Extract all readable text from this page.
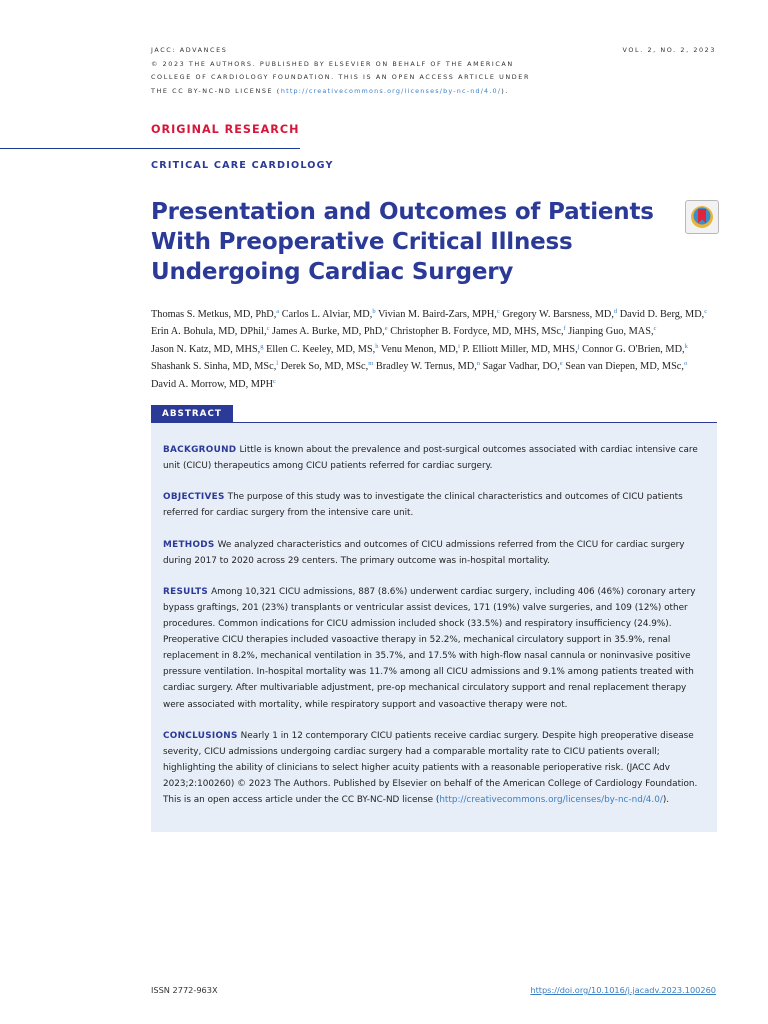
JACC: ADVANCES
© 2023 THE AUTHORS. PUBLISHED BY ELSEVIER ON BEHALF OF THE AMERICAN
COLLEGE OF CARDIOLOGY FOUNDATION. THIS IS AN OPEN ACCESS ARTICLE UNDER
THE CC BY-NC-ND LICENSE (http://creativecommons.org/licenses/by-nc-nd/4.0/).
VOL. 2, NO. 2, 2023
ORIGINAL RESEARCH
CRITICAL CARE CARDIOLOGY
Presentation and Outcomes of Patients With Preoperative Critical Illness Undergoing Cardiac Surgery
Thomas S. Metkus, MD, PhD,$^a$ Carlos L. Alviar, MD,$^b$ Vivian M. Baird-Zars, MPH,$^c$ Gregory W. Barsness, MD,$^d$ David D. Berg, MD,$^c$ Erin A. Bohula, MD, DPhil,$^c$ James A. Burke, MD, PhD,$^e$ Christopher B. Fordyce, MD, MHS, MSc,$^f$ Jianping Guo, MAS,$^c$ Jason N. Katz, MD, MHS,$^g$ Ellen C. Keeley, MD, MS,$^h$ Venu Menon, MD,$^i$ P. Elliott Miller, MD, MHS,$^j$ Connor G. O'Brien, MD,$^k$ Shashank S. Sinha, MD, MSc,$^l$ Derek So, MD, MSc,$^m$ Bradley W. Ternus, MD,$^n$ Sagar Vadhar, DO,$^e$ Sean van Diepen, MD, MSc,$^o$ David A. Morrow, MD, MPH$^c$
ABSTRACT

BACKGROUND Little is known about the prevalence and post-surgical outcomes associated with cardiac intensive care unit (CICU) therapeutics among CICU patients referred for cardiac surgery.

OBJECTIVES The purpose of this study was to investigate the clinical characteristics and outcomes of CICU patients referred for cardiac surgery from the intensive care unit.

METHODS We analyzed characteristics and outcomes of CICU admissions referred from the CICU for cardiac surgery during 2017 to 2020 across 29 centers. The primary outcome was in-hospital mortality.

RESULTS Among 10,321 CICU admissions, 887 (8.6%) underwent cardiac surgery, including 406 (46%) coronary artery bypass graftings, 201 (23%) transplants or ventricular assist devices, 171 (19%) valve surgeries, and 109 (12%) other procedures. Common indications for CICU admission included shock (33.5%) and respiratory insufficiency (24.9%). Preoperative CICU therapies included vasoactive therapy in 52.2%, mechanical circulatory support in 35.9%, renal replacement in 8.2%, mechanical ventilation in 35.7%, and 17.5% with high-flow nasal cannula or noninvasive positive pressure ventilation. In-hospital mortality was 11.7% among all CICU admissions and 9.1% among patients treated with cardiac surgery. After multivariable adjustment, pre-op mechanical circulatory support and renal replacement therapy were associated with mortality, while respiratory support and vasoactive therapy were not.

CONCLUSIONS Nearly 1 in 12 contemporary CICU patients receive cardiac surgery. Despite high preoperative disease severity, CICU admissions undergoing cardiac surgery had a comparable mortality rate to CICU patients overall; highlighting the ability of clinicians to select higher acuity patients with a reasonable perioperative risk. (JACC Adv 2023;2:100260) © 2023 The Authors. Published by Elsevier on behalf of the American College of Cardiology Foundation. This is an open access article under the CC BY-NC-ND license (http://creativecommons.org/licenses/by-nc-nd/4.0/).

ISSN 2772-963X	https://doi.org/10.1016/j.jacadv.2023.100260
